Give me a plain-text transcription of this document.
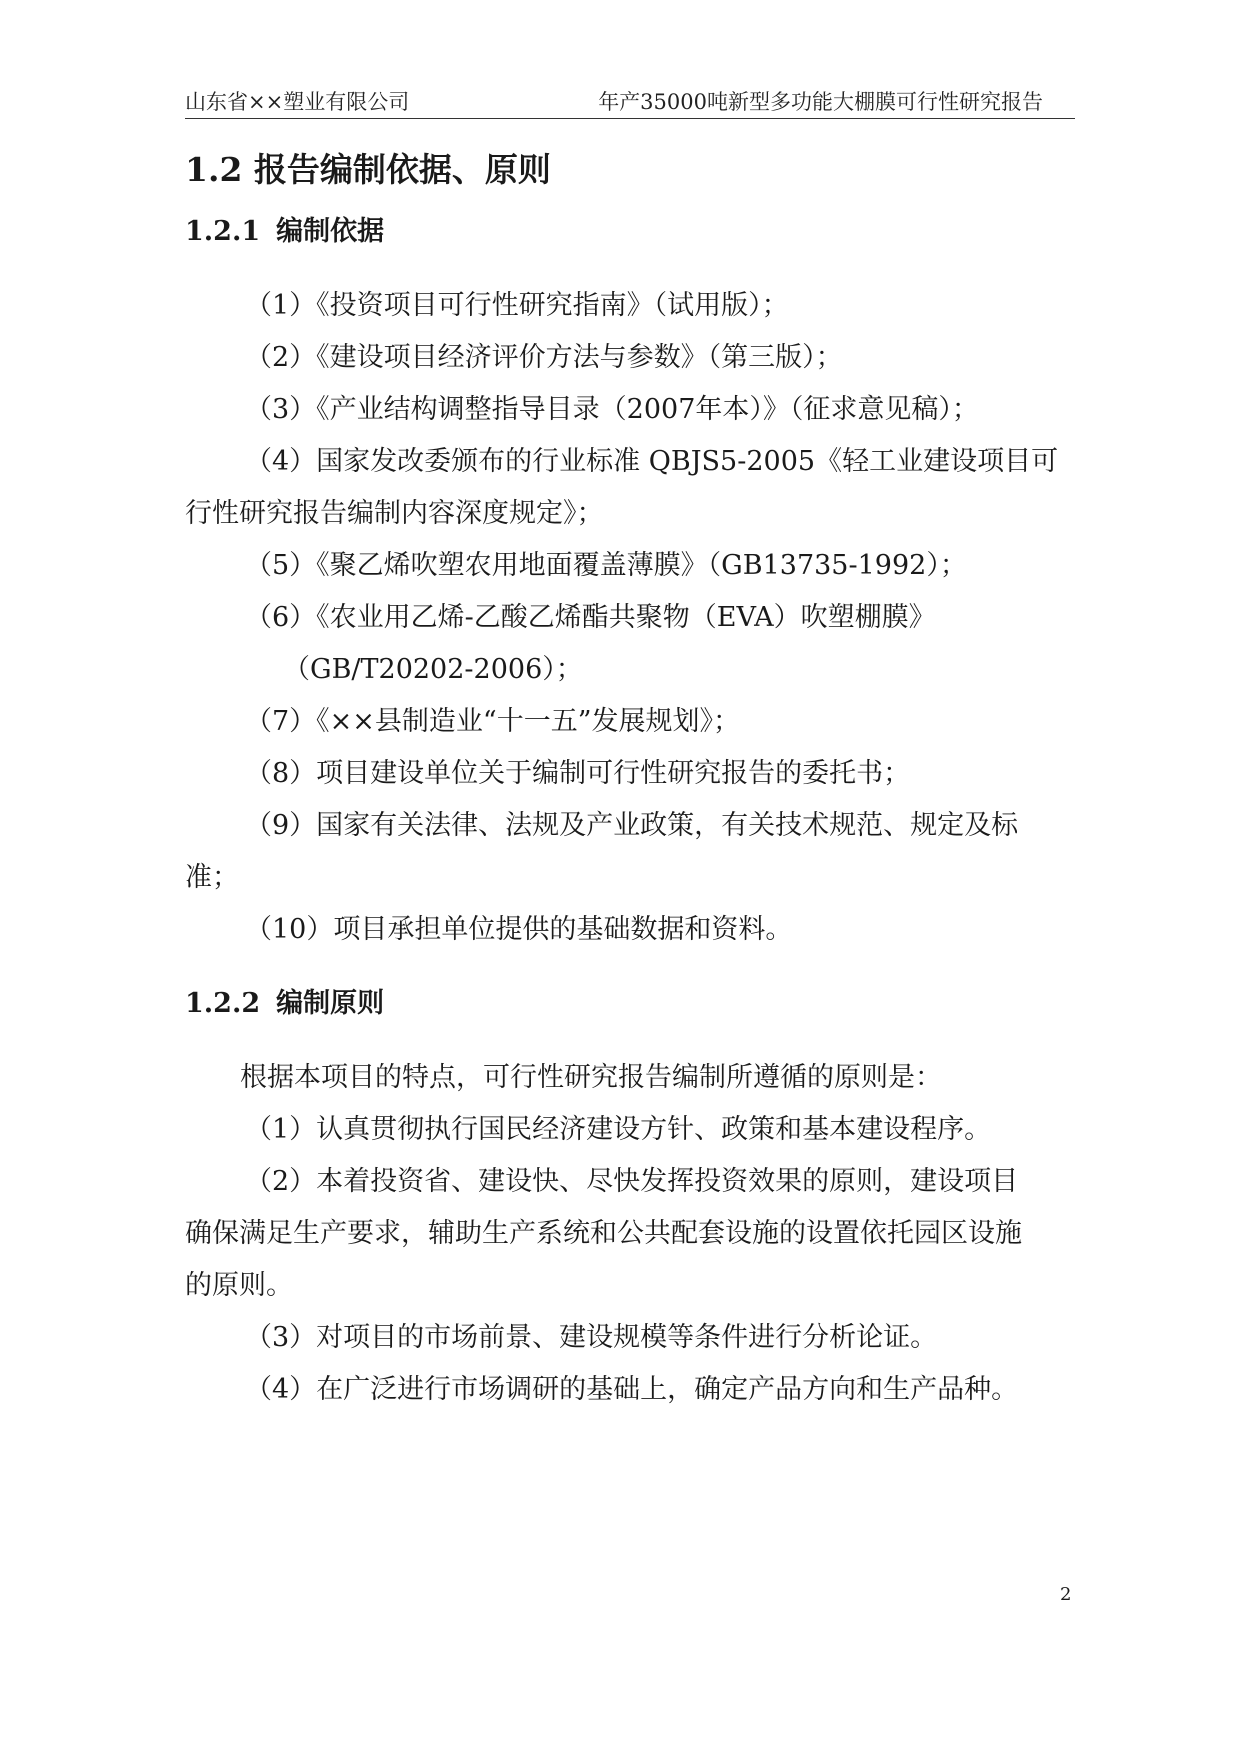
山东省××塑业有限公司	年产35000吨新型多功能大棚膜可行性研究报告
1.2 报告编制依据、原则
1.2.1 编制依据
（1）《投资项目可行性研究指南》（试用版）；
（2）《建设项目经济评价方法与参数》（第三版）；
（3）《产业结构调整指导目录（2007年本）》（征求意见稿）；
（4）国家发改委颁布的行业标准 QBJS5-2005《轻工业建设项目可
行性研究报告编制内容深度规定》；
（5）《聚乙烯吹塑农用地面覆盖薄膜》（GB13735-1992）；
（6）《农业用乙烯-乙酸乙烯酯共聚物（EVA）吹塑棚膜》
（GB/T20202-2006）；
（7）《××县制造业“十一五”发展规划》；
（8）项目建设单位关于编制可行性研究报告的委托书；
（9）国家有关法律、法规及产业政策，有关技术规范、规定及标
准；
（10）项目承担单位提供的基础数据和资料。
1.2.2 编制原则
根据本项目的特点，可行性研究报告编制所遵循的原则是：
（1）认真贯彻执行国民经济建设方针、政策和基本建设程序。
（2）本着投资省、建设快、尽快发挥投资效果的原则，建设项目
确保满足生产要求，辅助生产系统和公共配套设施的设置依托园区设施
的原则。
（3）对项目的市场前景、建设规模等条件进行分析论证。
（4）在广泛进行市场调研的基础上，确定产品方向和生产品种。
2
